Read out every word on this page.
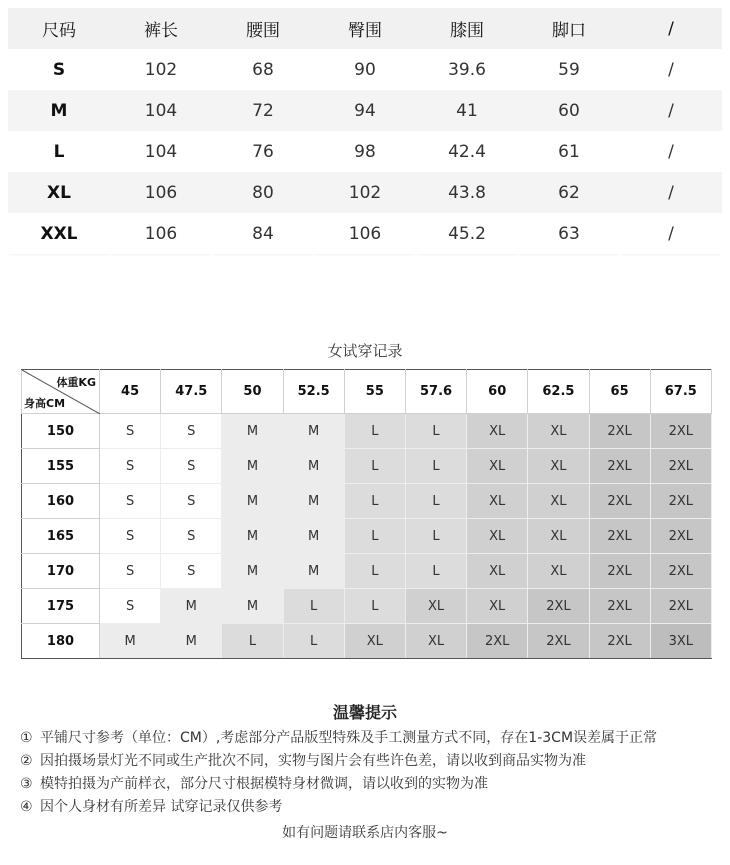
尺码	裤长	腰围	臀围	膝围	脚口	/
S	102	68	90	39.6	59	/
M	104	72	94	41	60	/
L	104	76	98	42.4	61	/
XL	106	80	102	43.8	62	/
XXL	106	84	106	45.2	63	/
女试穿记录
体重KG
身高CM	45	47.5	50	52.5	55	57.6	60	62.5	65	67.5
150	S	S	M	M	L	L	XL	XL	2XL	2XL
155	S	S	M	M	L	L	XL	XL	2XL	2XL
160	S	S	M	M	L	L	XL	XL	2XL	2XL
165	S	S	M	M	L	L	XL	XL	2XL	2XL
170	S	S	M	M	L	L	XL	XL	2XL	2XL
175	S	M	M	L	L	XL	XL	2XL	2XL	2XL
180	M	M	L	L	XL	XL	2XL	2XL	2XL	3XL
温馨提示
① 平铺尺寸参考（单位：CM）,考虑部分产品版型特殊及手工测量方式不同，存在1-3CM误差属于正常
② 因拍摄场景灯光不同或生产批次不同，实物与图片会有些许色差，请以收到商品实物为准
③ 模特拍摄为产前样衣，部分尺寸根据模特身材微调，请以收到的实物为准
④ 因个人身材有所差异 试穿记录仅供参考
如有问题请联系店内客服~
